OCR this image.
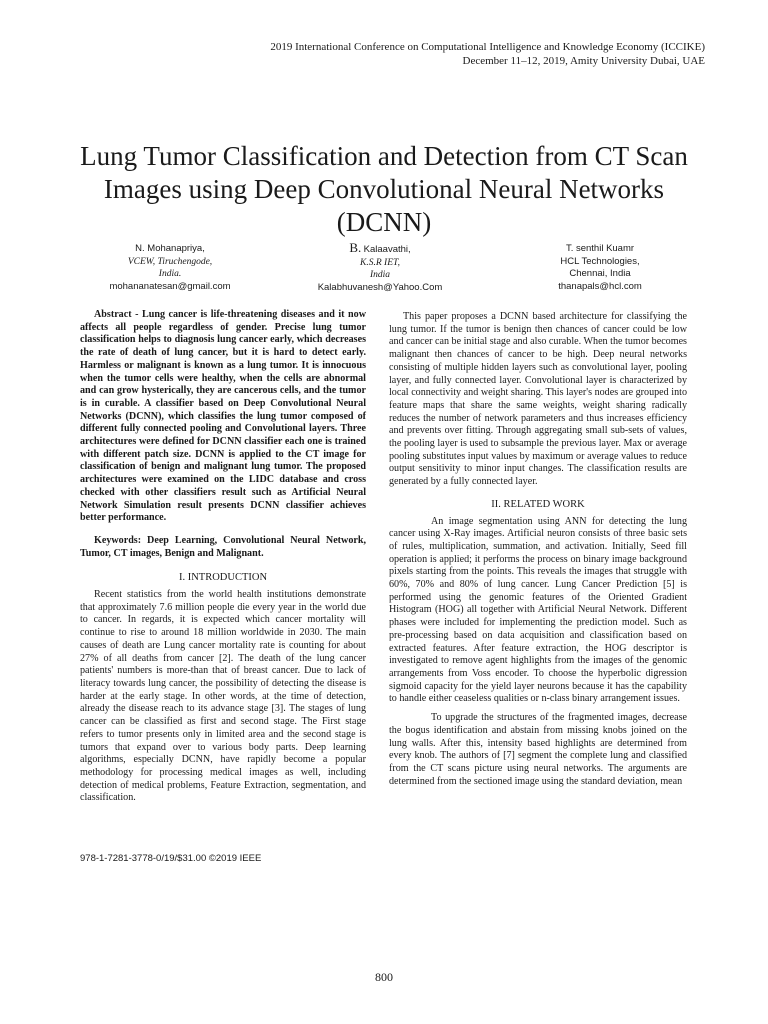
2019 International Conference on Computational Intelligence and Knowledge Economy (ICCIKE)
December 11–12, 2019, Amity University Dubai, UAE
Lung Tumor Classification and Detection from CT Scan Images using Deep Convolutional Neural Networks (DCNN)
N. Mohanapriya,
VCEW, Tiruchengode,
India.
mohananatesan@gmail.com
B. Kalaavathi,
K.S.R IET,
India
Kalabhuvanesh@Yahoo.Com
T. senthil Kuamr
HCL Technologies,
Chennai, India
thanapals@hcl.com

Abstract - Lung cancer is life-threatening diseases and it now affects all people regardless of gender. Precise lung tumor classification helps to diagnosis lung cancer early, which decreases the rate of death of lung cancer, but it is hard to detect early. Harmless or malignant is known as a lung tumor. It is innocuous when the tumor cells were healthy, when the cells are abnormal and can grow hysterically, they are cancerous cells, and the tumor is in curable. A classifier based on Deep Convolutional Neural Networks (DCNN), which classifies the lung tumor composed of different fully connected pooling and Convolutional layers. Three architectures were defined for DCNN classifier each one is trained with different patch size. DCNN is applied to the CT image for classification of benign and malignant lung tumor. The proposed architectures were examined on the LIDC database and cross checked with other classifiers result such as Artificial Neural Network Simulation result presents DCNN classifier achieves better performance.

Keywords: Deep Learning, Convolutional Neural Network, Tumor, CT images, Benign and Malignant.

I. INTRODUCTION

Recent statistics from the world health institutions demonstrate that approximately 7.6 million people die every year in the world due to cancer. In regards, it is expected which cancer mortality will continue to rise to around 18 million worldwide in 2030. The main causes of death are Lung cancer mortality rate is counting for about 27% of all deaths from cancer [2]. The death of the lung cancer patients' numbers is more-than that of breast cancer. Due to lack of literacy towards lung cancer, the possibility of detecting the disease is harder at the early stage. In other words, at the time of detection, already the disease reach to its advance stage [3]. The stages of lung cancer can be classified as first and second stage. The First stage refers to tumor presents only in limited area and the second stage is tumors that expand over to various body parts. Deep learning algorithms, especially DCNN, have rapidly become a popular methodology for processing medical images as well, including detection of medical problems, Feature Extraction, segmentation, and classification.

978-1-7281-3778-0/19/$31.00 ©2019 IEEE

This paper proposes a DCNN based architecture for classifying the lung tumor. If the tumor is benign then chances of cancer could be low and cancer can be initial stage and also curable. When the tumor becomes malignant then chances of cancer to be high. Deep neural networks consisting of multiple hidden layers such as convolutional layer, pooling layer, and fully connected layer. Convolutional layer is characterized by local connectivity and weight sharing. This layer's nodes are grouped into feature maps that share the same weights, weight sharing radically reduces the number of network parameters and thus increases efficiency and prevents over fitting. Through aggregating small sub-sets of values, the pooling layer is used to subsample the previous layer. Max or average pooling substitutes input values by maximum or average values to reduce output sensitivity to minor input changes. The classification results are generated by a fully connected layer.

II. RELATED WORK

An image segmentation using ANN for detecting the lung cancer using X-Ray images. Artificial neuron consists of three basic sets of rules, multiplication, summation, and activation. Initially, Seed fill operation is applied; it performs the process on binary image background pixels starting from the points. This reveals the images that struggle with 60%, 70% and 80% of lung cancer. Lung Cancer Prediction [5] is performed using the genomic features of the Oriented Gradient Histogram (HOG) all together with Artificial Neural Network. Different phases were included for implementing the prediction model. Such as pre-processing based on data acquisition and classification based on extracted features. After feature extraction, the HOG descriptor is investigated to remove agent highlights from the images of the genomic arrangements from Voss encoder. To choose the hyperbolic digression sigmoid capacity for the yield layer neurons because it has the capability to handle either ceaseless qualities or n-class binary arrangement issues.

To upgrade the structures of the fragmented images, decrease the bogus identification and abstain from missing knobs joined on the lung walls. After this, intensity based highlights are determined from every knob. The authors of [7] segment the complete lung and classified from the CT scans picture using neural networks. The arguments are determined from the sectioned image using the standard deviation, mean

800
